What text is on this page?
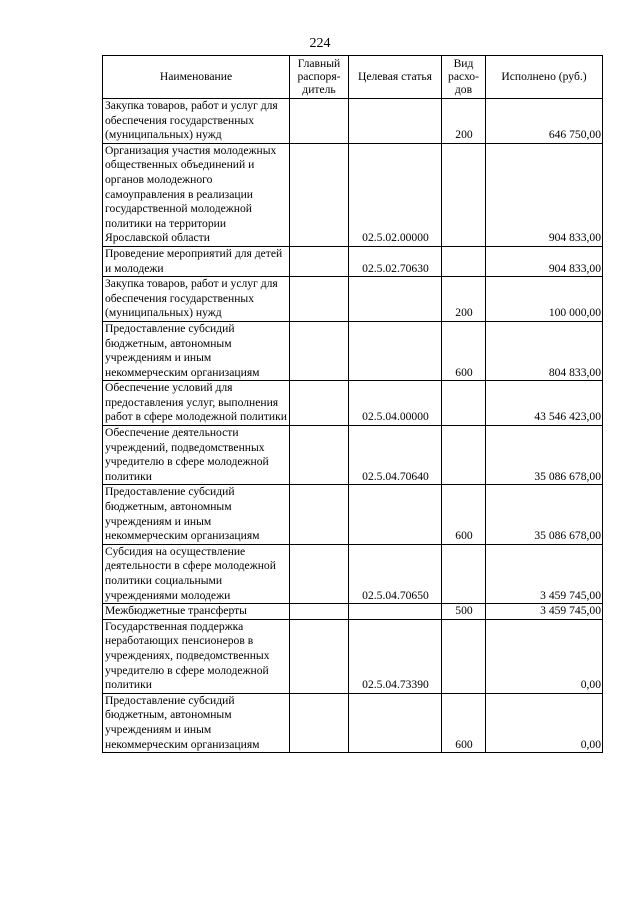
224
Наименование	Главный распоря-дитель	Целевая статья	Вид расхо-дов	Исполнено (руб.)
Закупка товаров, работ и услуг для обеспечения государственных (муниципальных) нужд			200	646 750,00
Организация участия молодежных общественных объединений и органов молодежного самоуправления в реализации государственной молодежной политики на территории Ярославской области		02.5.02.00000		904 833,00
Проведение мероприятий для детей и молодежи		02.5.02.70630		904 833,00
Закупка товаров, работ и услуг для обеспечения государственных (муниципальных) нужд			200	100 000,00
Предоставление субсидий бюджетным, автономным учреждениям и иным некоммерческим организациям			600	804 833,00
Обеспечение условий для предоставления услуг, выполнения работ в сфере молодежной политики		02.5.04.00000		43 546 423,00
Обеспечение деятельности учреждений, подведомственных учредителю в сфере молодежной политики		02.5.04.70640		35 086 678,00
Предоставление субсидий бюджетным, автономным учреждениям и иным некоммерческим организациям			600	35 086 678,00
Субсидия на осуществление деятельности в сфере молодежной политики социальными учреждениями молодежи		02.5.04.70650		3 459 745,00
Межбюджетные трансферты			500	3 459 745,00
Государственная поддержка неработающих пенсионеров в учреждениях, подведомственных учредителю в сфере молодежной политики		02.5.04.73390		0,00
Предоставление субсидий бюджетным, автономным учреждениям и иным некоммерческим организациям			600	0,00
